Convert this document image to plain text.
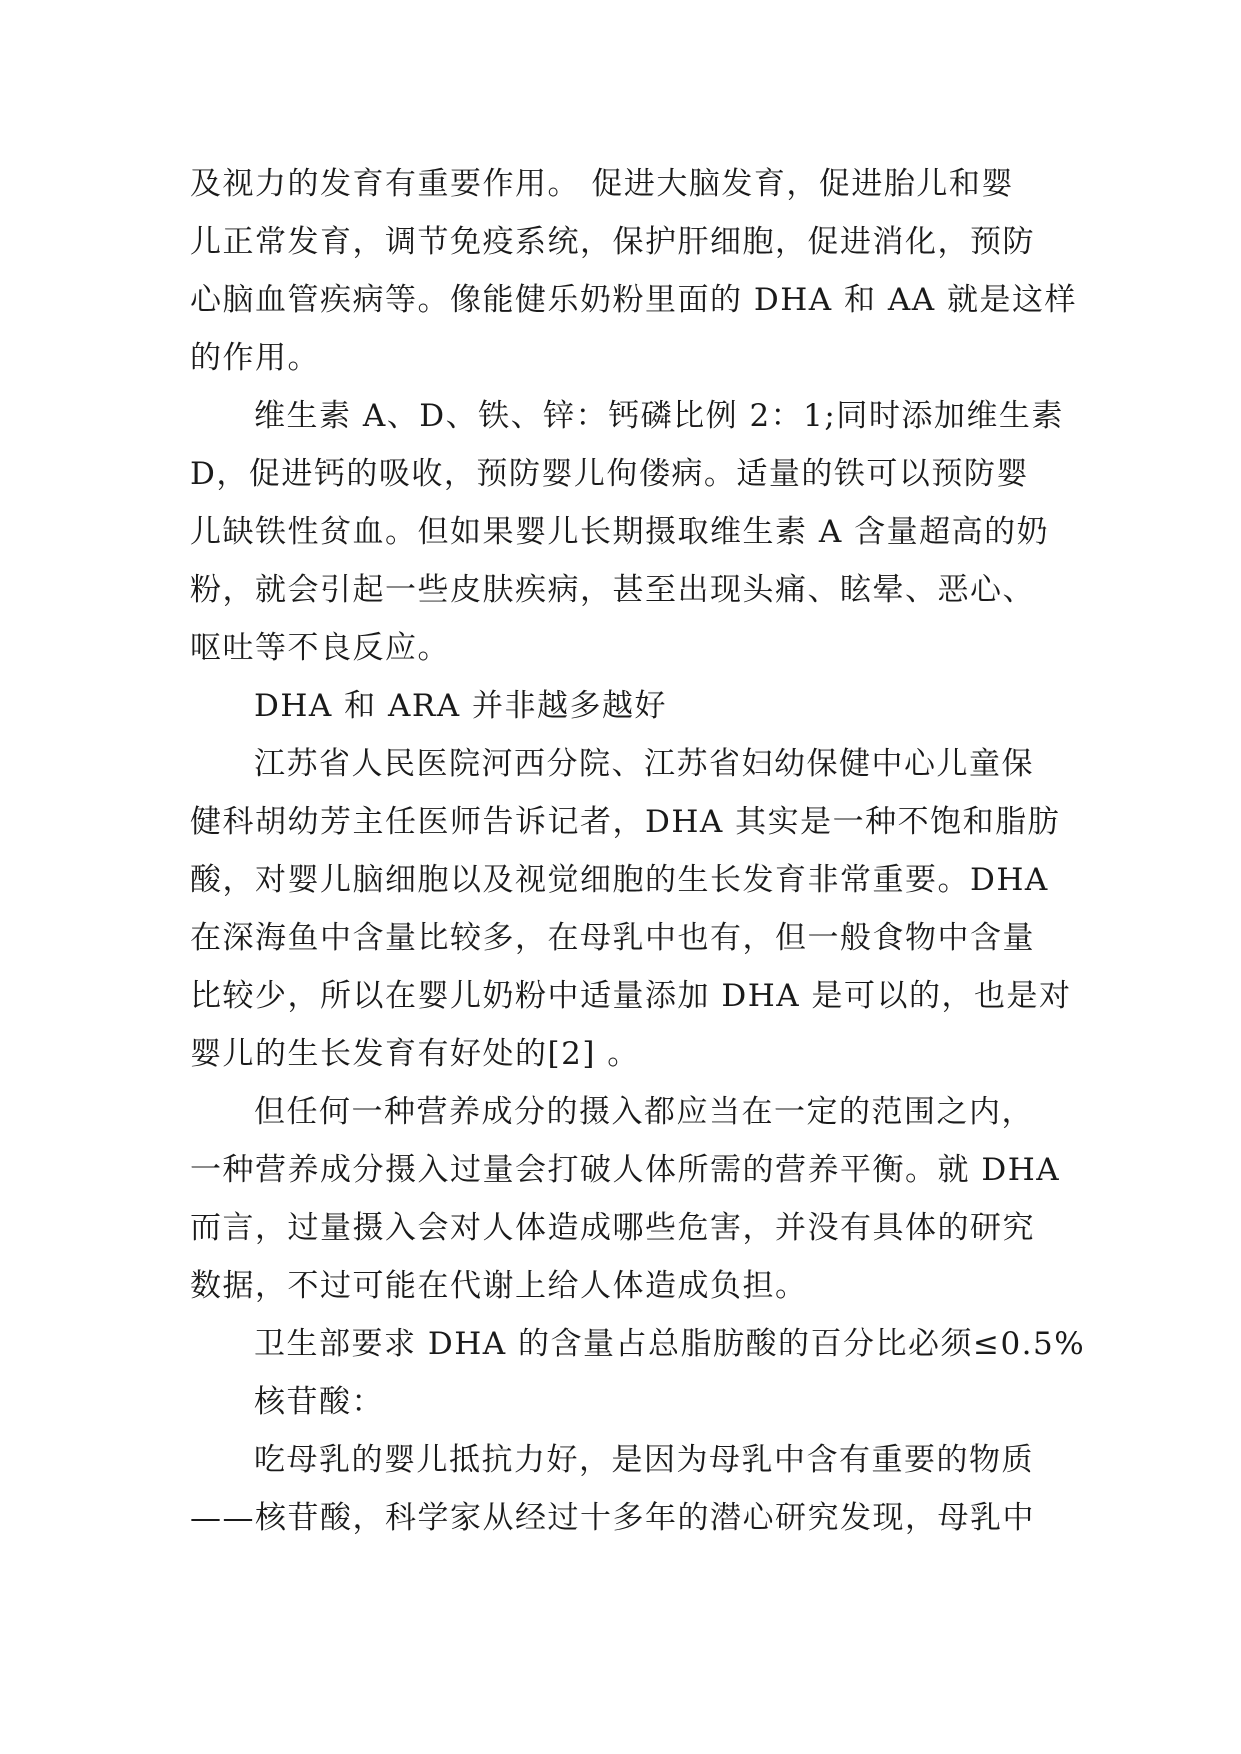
及视力的发育有重要作用。 促进大脑发育，促进胎儿和婴
儿正常发育，调节免疫系统，保护肝细胞，促进消化，预防
心脑血管疾病等。像能健乐奶粉里面的 DHA 和 AA 就是这样
的作用。
维生素 A、D、铁、锌：钙磷比例 2：1;同时添加维生素
D，促进钙的吸收，预防婴儿佝偻病。适量的铁可以预防婴
儿缺铁性贫血。但如果婴儿长期摄取维生素 A 含量超高的奶
粉，就会引起一些皮肤疾病，甚至出现头痛、眩晕、恶心、
呕吐等不良反应。
DHA 和 ARA 并非越多越好
江苏省人民医院河西分院、江苏省妇幼保健中心儿童保
健科胡幼芳主任医师告诉记者，DHA 其实是一种不饱和脂肪
酸，对婴儿脑细胞以及视觉细胞的生长发育非常重要。DHA
在深海鱼中含量比较多，在母乳中也有，但一般食物中含量
比较少，所以在婴儿奶粉中适量添加 DHA 是可以的，也是对
婴儿的生长发育有好处的[2] 。
但任何一种营养成分的摄入都应当在一定的范围之内，
一种营养成分摄入过量会打破人体所需的营养平衡。就 DHA
而言，过量摄入会对人体造成哪些危害，并没有具体的研究
数据，不过可能在代谢上给人体造成负担。
卫生部要求 DHA 的含量占总脂肪酸的百分比必须≤0.5%
核苷酸：
吃母乳的婴儿抵抗力好，是因为母乳中含有重要的物质
——核苷酸，科学家从经过十多年的潜心研究发现，母乳中
